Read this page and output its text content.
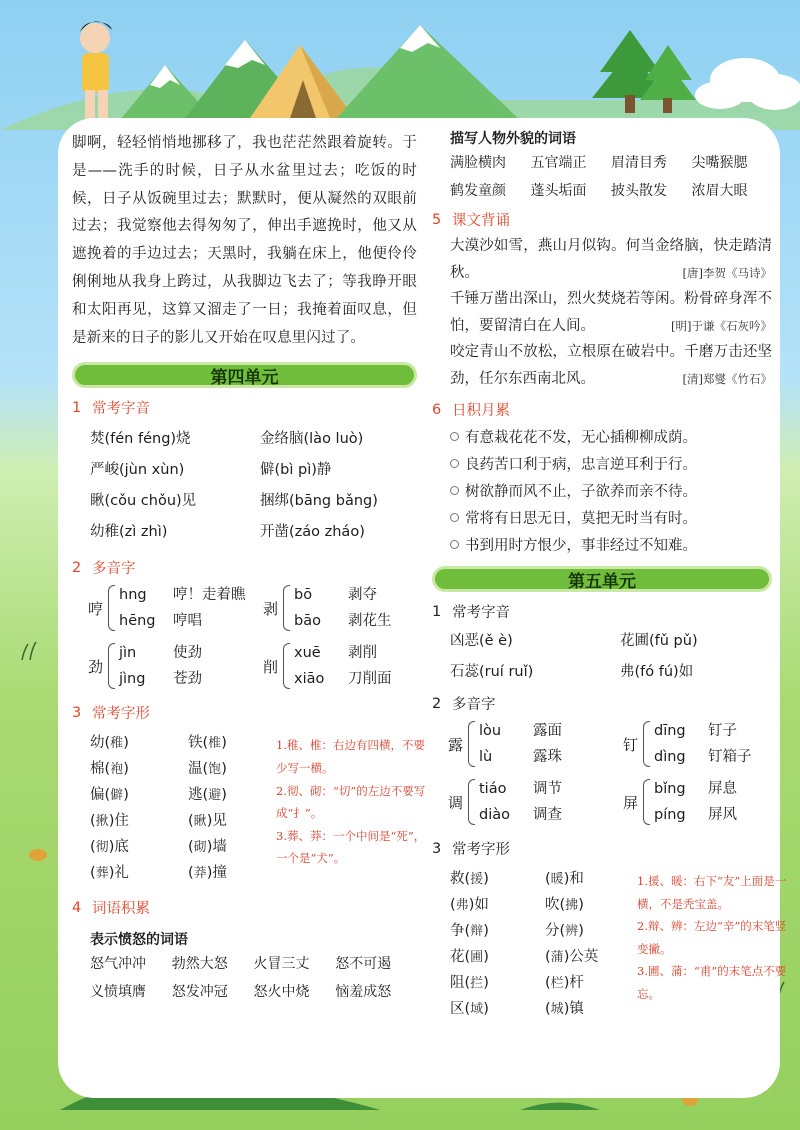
脚啊，轻轻悄悄地挪移了，我也茫茫然跟着旋转。于是——洗手的时候，日子从水盆里过去；吃饭的时候，日子从饭碗里过去；默默时，便从凝然的双眼前过去；我觉察他去得匆匆了，伸出手遮挽时，他又从遮挽着的手边过去；天黑时，我躺在床上，他便伶伶俐俐地从我身上跨过，从我脚边飞去了；等我睁开眼和太阳再见，这算又溜走了一日；我掩着面叹息，但是新来的日子的影儿又开始在叹息里闪过了。

第四单元
1 常考字音
焚(fén féng)烧	金络脑(lào luò)
严峻(jùn xùn)	僻(bì pì)静
瞅(cǒu chǒu)见	捆绑(bāng bǎng)
幼稚(zì zhì)	开凿(záo zháo)
2 多音字
哼
hng	哼！走着瞧
hēng 哼唱
剥
bō	剥夺
bāo	剥花生
劲
jìn	使劲
jìng	苍劲
削
xuē	剥削
xiāo	刀削面
3 常考字形
幼(稚)	铁(椎)
棉(袍)	温(饱)
偏(僻)	逃(避)
(揪)住	(瞅)见
(彻)底	(砌)墙
(葬)礼	(莽)撞
1.稚、椎：右边有四横，不要少写一横。
2.彻、砌：“切”的左边不要写成“扌”。
3.葬、莽：一个中间是“死”，一个是“犬”。
4 词语积累
表示愤怒的词语
怒气冲冲	勃然大怒	火冒三丈	怒不可遏
义愤填膺	怒发冲冠	怒火中烧	恼羞成怒
描写人物外貌的词语
满脸横肉	五官端正	眉清目秀	尖嘴猴腮
鹤发童颜	蓬头垢面	披头散发	浓眉大眼
5 课文背诵
大漠沙如雪，燕山月似钩。何当金络脑，快走踏清秋。	[唐]李贺《马诗》
千锤万凿出深山，烈火焚烧若等闲。粉骨碎身浑不怕，要留清白在人间。	[明]于谦《石灰吟》
咬定青山不放松，立根原在破岩中。千磨万击还坚劲，任尔东西南北风。	[清]郑燮《竹石》
6 日积月累
有意栽花花不发，无心插柳柳成荫。
良药苦口利于病，忠言逆耳利于行。
树欲静而风不止，子欲养而亲不待。
常将有日思无日，莫把无时当有时。
书到用时方恨少，事非经过不知难。
第五单元
1 常考字音
凶恶(ě è)	花圃(fǔ pǔ)
石蕊(ruí ruǐ)	弗(fó fú)如
2 多音字
露
lòu	露面
lù	露珠
钉
dīng	钉子
dìng	钉箱子
调
tiáo	调节
diào	调查
屏
bǐng	屏息
píng	屏风
3 常考字形
救(援)	(暖)和
(弗)如	吹(拂)
争(辩)	分(辨)
花(圃)	(蒲)公英
阻(拦)	(栏)杆
区(域)	(城)镇
1.援、暖：右下“友”上面是一横，不是秃宝盖。
2.辩、辨：左边“辛”的末笔竖变撇。
3.圃、蒲：“甫”的末笔点不要忘。
